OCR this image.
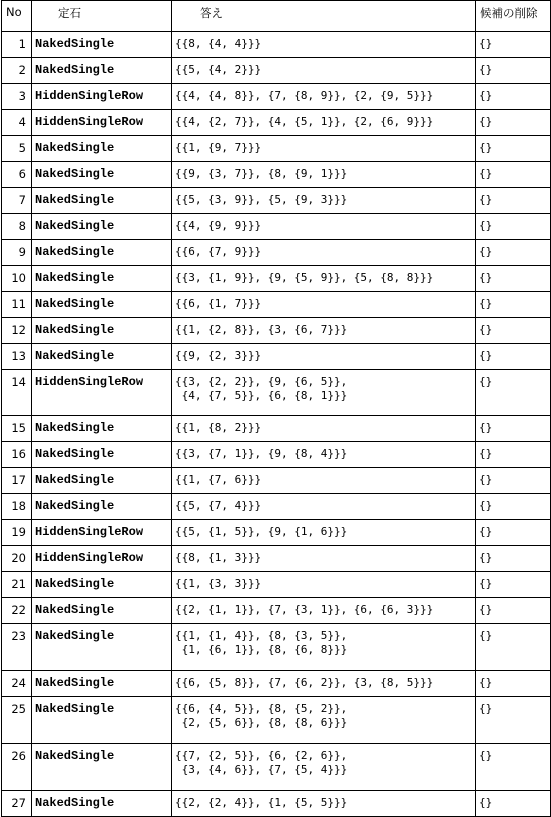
No	定石	答え	候補の削除
1	NakedSingle	{{8, {4, 4}}}	{}
2	NakedSingle	{{5, {4, 2}}}	{}
3	HiddenSingleRow	{{4, {4, 8}}, {7, {8, 9}}, {2, {9, 5}}}	{}
4	HiddenSingleRow	{{4, {2, 7}}, {4, {5, 1}}, {2, {6, 9}}}	{}
5	NakedSingle	{{1, {9, 7}}}	{}
6	NakedSingle	{{9, {3, 7}}, {8, {9, 1}}}	{}
7	NakedSingle	{{5, {3, 9}}, {5, {9, 3}}}	{}
8	NakedSingle	{{4, {9, 9}}}	{}
9	NakedSingle	{{6, {7, 9}}}	{}
10	NakedSingle	{{3, {1, 9}}, {9, {5, 9}}, {5, {8, 8}}}	{}
11	NakedSingle	{{6, {1, 7}}}	{}
12	NakedSingle	{{1, {2, 8}}, {3, {6, 7}}}	{}
13	NakedSingle	{{9, {2, 3}}}	{}
14	HiddenSingleRow	{{3, {2, 2}}, {9, {6, 5}},
{4, {7, 5}}, {6, {8, 1}}}	{}
15	NakedSingle	{{1, {8, 2}}}	{}
16	NakedSingle	{{3, {7, 1}}, {9, {8, 4}}}	{}
17	NakedSingle	{{1, {7, 6}}}	{}
18	NakedSingle	{{5, {7, 4}}}	{}
19	HiddenSingleRow	{{5, {1, 5}}, {9, {1, 6}}}	{}
20	HiddenSingleRow	{{8, {1, 3}}}	{}
21	NakedSingle	{{1, {3, 3}}}	{}
22	NakedSingle	{{2, {1, 1}}, {7, {3, 1}}, {6, {6, 3}}}	{}
23	NakedSingle	{{1, {1, 4}}, {8, {3, 5}},
{1, {6, 1}}, {8, {6, 8}}}	{}
24	NakedSingle	{{6, {5, 8}}, {7, {6, 2}}, {3, {8, 5}}}	{}
25	NakedSingle	{{6, {4, 5}}, {8, {5, 2}},
{2, {5, 6}}, {8, {8, 6}}}	{}
26	NakedSingle	{{7, {2, 5}}, {6, {2, 6}},
{3, {4, 6}}, {7, {5, 4}}}	{}
27	NakedSingle	{{2, {2, 4}}, {1, {5, 5}}}	{}
